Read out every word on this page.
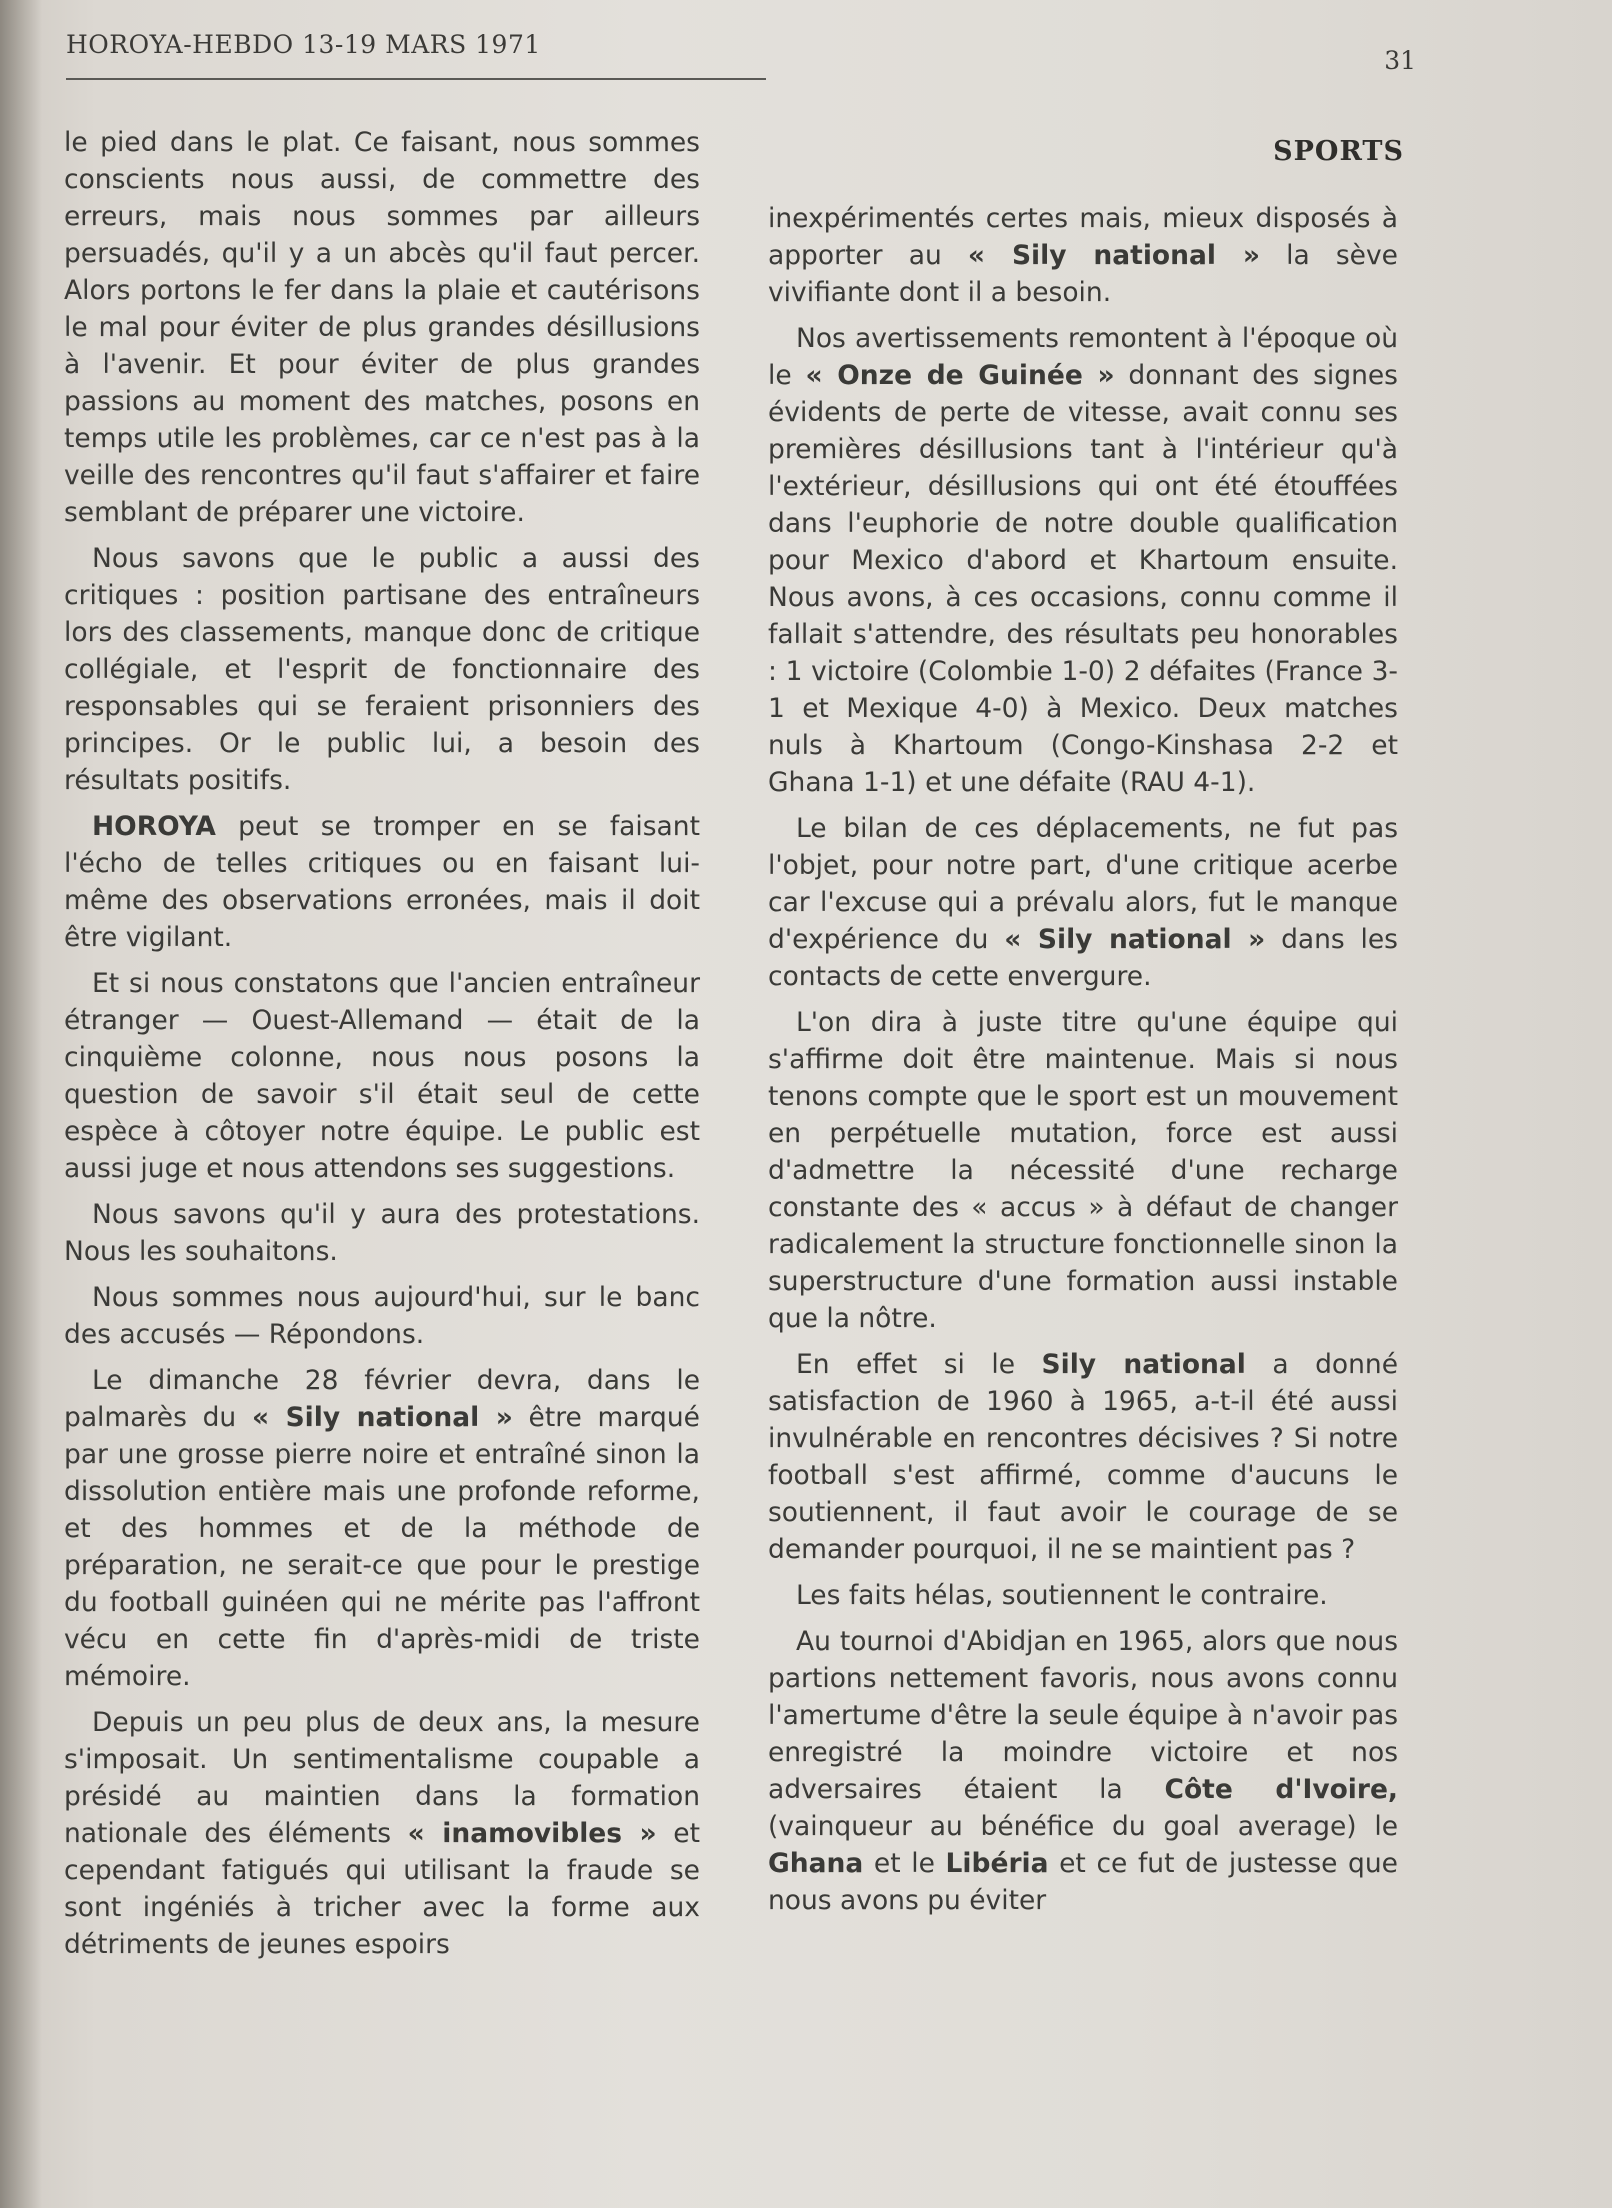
HOROYA-HEBDO 13-19 MARS 1971
31
SPORTS

le pied dans le plat. Ce faisant, nous sommes conscients nous aussi, de commettre des erreurs, mais nous sommes par ailleurs persuadés, qu'il y a un abcès qu'il faut percer. Alors portons le fer dans la plaie et cautérisons le mal pour éviter de plus grandes désillusions à l'avenir. Et pour éviter de plus grandes passions au moment des matches, posons en temps utile les problèmes, car ce n'est pas à la veille des rencontres qu'il faut s'affairer et faire semblant de préparer une victoire.

Nous savons que le public a aussi des critiques : position partisane des entraîneurs lors des classements, manque donc de critique collégiale, et l'esprit de fonctionnaire des responsables qui se feraient prisonniers des principes. Or le public lui, a besoin des résultats positifs.

HOROYA peut se tromper en se faisant l'écho de telles critiques ou en faisant lui-même des observations erronées, mais il doit être vigilant.

Et si nous constatons que l'ancien entraîneur étranger — Ouest-Allemand — était de la cinquième colonne, nous nous posons la question de savoir s'il était seul de cette espèce à côtoyer notre équipe. Le public est aussi juge et nous attendons ses suggestions.

Nous savons qu'il y aura des protestations. Nous les souhaitons.

Nous sommes nous aujourd'hui, sur le banc des accusés — Répondons.

Le dimanche 28 février devra, dans le palmarès du « Sily national » être marqué par une grosse pierre noire et entraîné sinon la dissolution entière mais une profonde reforme, et des hommes et de la méthode de préparation, ne serait-ce que pour le prestige du football guinéen qui ne mérite pas l'affront vécu en cette fin d'après-midi de triste mémoire.

Depuis un peu plus de deux ans, la mesure s'imposait. Un sentimentalisme coupable a présidé au maintien dans la formation nationale des éléments « inamovibles » et cependant fatigués qui utilisant la fraude se sont ingéniés à tricher avec la forme aux détriments de jeunes espoirs

inexpérimentés certes mais, mieux disposés à apporter au « Sily national » la sève vivifiante dont il a besoin.

Nos avertissements remontent à l'époque où le « Onze de Guinée » donnant des signes évidents de perte de vitesse, avait connu ses premières désillusions tant à l'intérieur qu'à l'extérieur, désillusions qui ont été étouffées dans l'euphorie de notre double qualification pour Mexico d'abord et Khartoum ensuite. Nous avons, à ces occasions, connu comme il fallait s'attendre, des résultats peu honorables : 1 victoire (Colombie 1-0) 2 défaites (France 3-1 et Mexique 4-0) à Mexico. Deux matches nuls à Khartoum (Congo-Kinshasa 2-2 et Ghana 1-1) et une défaite (RAU 4-1).

Le bilan de ces déplacements, ne fut pas l'objet, pour notre part, d'une critique acerbe car l'excuse qui a prévalu alors, fut le manque d'expérience du « Sily national » dans les contacts de cette envergure.

L'on dira à juste titre qu'une équipe qui s'affirme doit être maintenue. Mais si nous tenons compte que le sport est un mouvement en perpétuelle mutation, force est aussi d'admettre la nécessité d'une recharge constante des « accus » à défaut de changer radicalement la structure fonctionnelle sinon la superstructure d'une formation aussi instable que la nôtre.

En effet si le Sily national a donné satisfaction de 1960 à 1965, a-t-il été aussi invulnérable en rencontres décisives ? Si notre football s'est affirmé, comme d'aucuns le soutiennent, il faut avoir le courage de se demander pourquoi, il ne se maintient pas ?

Les faits hélas, soutiennent le contraire.

Au tournoi d'Abidjan en 1965, alors que nous partions nettement favoris, nous avons connu l'amertume d'être la seule équipe à n'avoir pas enregistré la moindre victoire et nos adversaires étaient la Côte d'Ivoire, (vainqueur au bénéfice du goal average) le Ghana et le Libéria et ce fut de justesse que nous avons pu éviter
